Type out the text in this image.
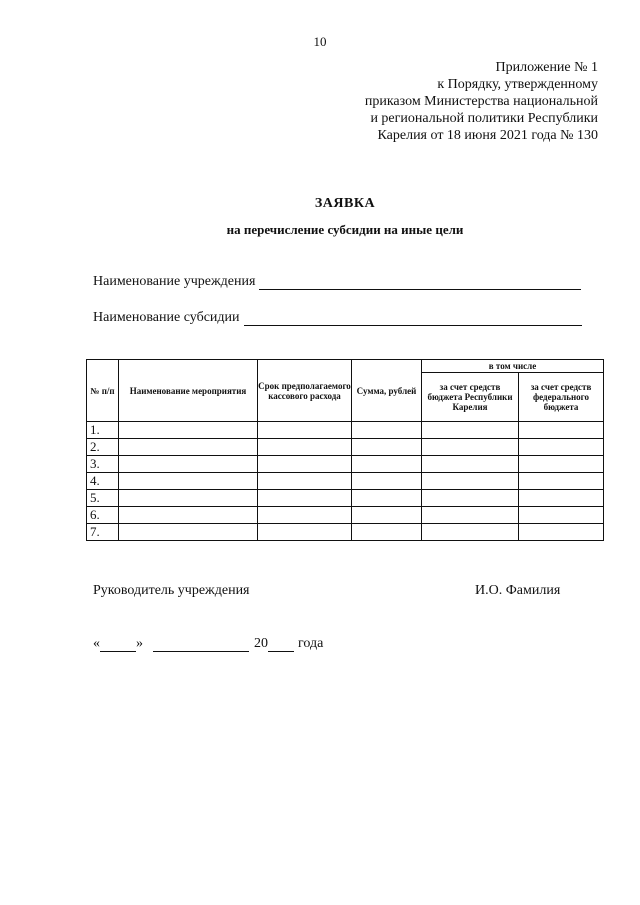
10
Приложение № 1
к Порядку, утвержденному
приказом Министерства национальной
и региональной политики Республики
Карелия от 18 июня 2021 года № 130
ЗАЯВКА
на перечисление субсидии на иные цели
Наименование учреждения
Наименование субсидии
№ п/п	Наименование мероприятия	Срок предполагаемого кассового расхода	Сумма, рублей	в том числе	
				за счет средств бюджета Республики Карелия	за счет средств федерального бюджета
1.					
2.					
3.					
4.					
5.					
6.					
7.					
Руководитель учреждения	И.О. Фамилия
«	»	20 года
